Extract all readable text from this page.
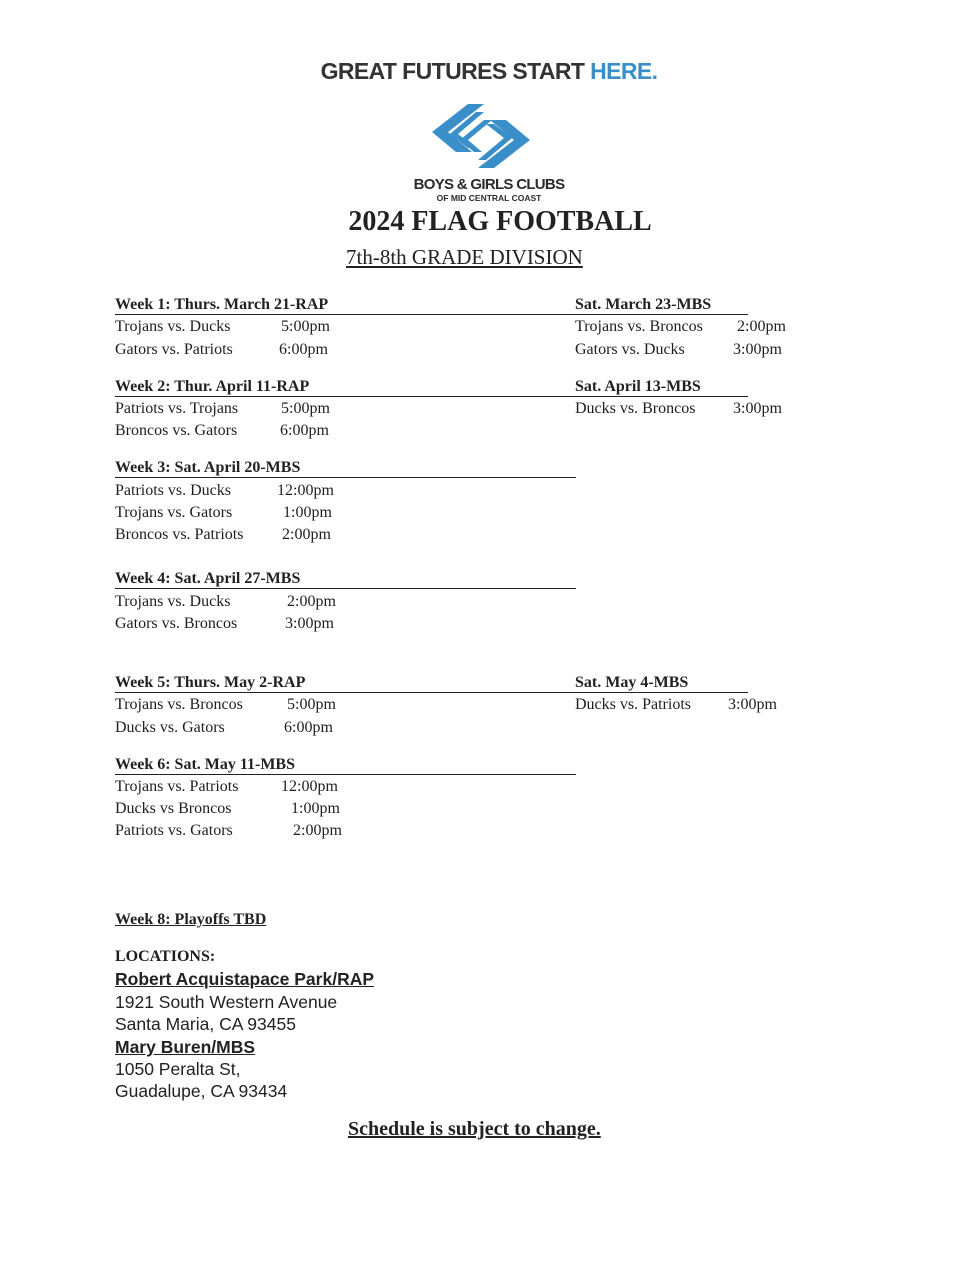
GREAT FUTURES START HERE.
BOYS & GIRLS CLUBS
OF MID CENTRAL COAST
2024 FLAG FOOTBALL
7th-8th GRADE DIVISION
Week 1: Thurs. March 21-RAP	Sat. March 23-MBS
Trojans vs. Ducks	5:00pm
Gators vs. Patriots	6:00pm
Trojans vs. Broncos 2:00pm
Gators vs. Ducks	3:00pm
Week 2: Thur. April 11-RAP	Sat. April 13-MBS
Patriots vs. Trojans	5:00pm
Broncos vs. Gators	6:00pm
Ducks vs. Broncos 3:00pm
Week 3: Sat. April 20-MBS
Patriots vs. Ducks	12:00pm
Trojans vs. Gators	1:00pm
Broncos vs. Patriots 2:00pm
Week 4: Sat. April 27-MBS
Trojans vs. Ducks	2:00pm
Gators vs. Broncos	3:00pm
Week 5: Thurs. May 2-RAP	Sat. May 4-MBS
Trojans vs. Broncos	5:00pm
Ducks vs. Gators	6:00pm
Ducks vs. Patriots 3:00pm
Week 6: Sat. May 11-MBS
Trojans vs. Patriots	12:00pm
Ducks vs Broncos	1:00pm
Patriots vs. Gators	2:00pm
Week 8: Playoffs TBD
LOCATIONS:
Robert Acquistapace Park/RAP
1921 South Western Avenue
Santa Maria, CA 93455
Mary Buren/MBS
1050 Peralta St,
Guadalupe, CA 93434
Schedule is subject to change.
